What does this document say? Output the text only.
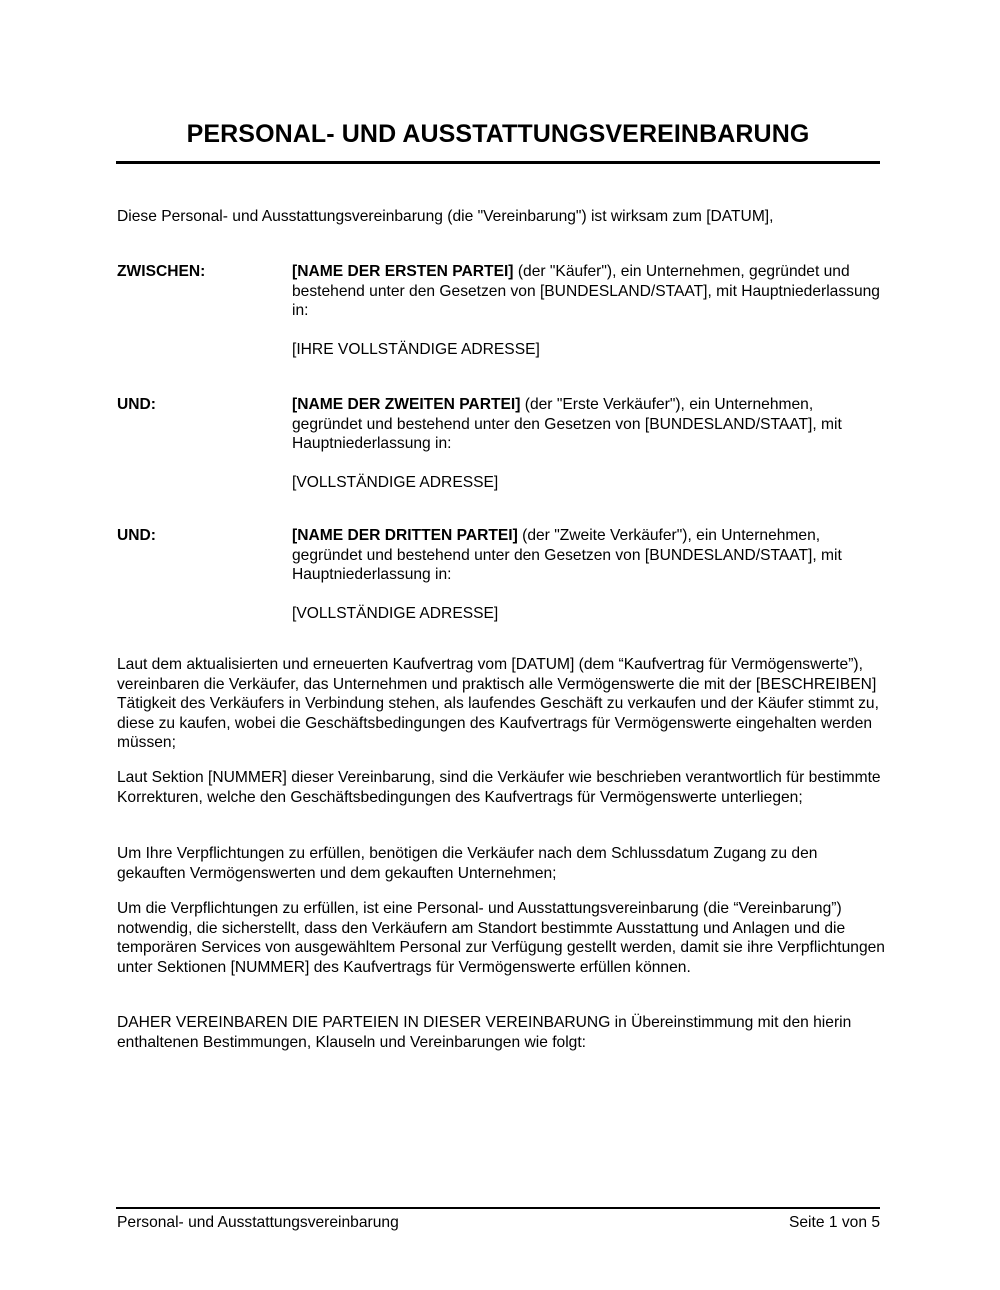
PERSONAL- UND AUSSTATTUNGSVEREINBARUNG

Diese Personal- und Ausstattungsvereinbarung (die "Vereinbarung") ist wirksam zum [DATUM],

ZWISCHEN:	[NAME DER ERSTEN PARTEI] (der "Käufer"), ein Unternehmen, gegründet und bestehend unter den Gesetzen von [BUNDESLAND/STAAT], mit Hauptniederlassung in:

[IHRE VOLLSTÄNDIGE ADRESSE]

UND:	[NAME DER ZWEITEN PARTEI] (der "Erste Verkäufer"), ein Unternehmen, gegründet und bestehend unter den Gesetzen von [BUNDESLAND/STAAT], mit Hauptniederlassung in:

[VOLLSTÄNDIGE ADRESSE]

UND:	[NAME DER DRITTEN PARTEI] (der "Zweite Verkäufer"), ein Unternehmen, gegründet und bestehend unter den Gesetzen von [BUNDESLAND/STAAT], mit Hauptniederlassung in:

[VOLLSTÄNDIGE ADRESSE]

Laut dem aktualisierten und erneuerten Kaufvertrag vom [DATUM] (dem “Kaufvertrag für Vermögenswerte”), vereinbaren die Verkäufer, das Unternehmen und praktisch alle Vermögenswerte die mit der [BESCHREIBEN] Tätigkeit des Verkäufers in Verbindung stehen, als laufendes Geschäft zu verkaufen und der Käufer stimmt zu, diese zu kaufen, wobei die Geschäftsbedingungen des Kaufvertrags für Vermögenswerte eingehalten werden müssen;

Laut Sektion [NUMMER] dieser Vereinbarung, sind die Verkäufer wie beschrieben verantwortlich für bestimmte Korrekturen, welche den Geschäftsbedingungen des Kaufvertrags für Vermögenswerte unterliegen;

Um Ihre Verpflichtungen zu erfüllen, benötigen die Verkäufer nach dem Schlussdatum Zugang zu den gekauften Vermögenswerten und dem gekauften Unternehmen;

Um die Verpflichtungen zu erfüllen, ist eine Personal- und Ausstattungsvereinbarung (die “Vereinbarung”) notwendig, die sicherstellt, dass den Verkäufern am Standort bestimmte Ausstattung und Anlagen und die temporären Services von ausgewähltem Personal zur Verfügung gestellt werden, damit sie ihre Verpflichtungen unter Sektionen [NUMMER] des Kaufvertrags für Vermögenswerte erfüllen können.

DAHER VEREINBAREN DIE PARTEIEN IN DIESER VEREINBARUNG in Übereinstimmung mit den hierin enthaltenen Bestimmungen, Klauseln und Vereinbarungen wie folgt:

Personal- und Ausstattungsvereinbarung	Seite 1 von 5
